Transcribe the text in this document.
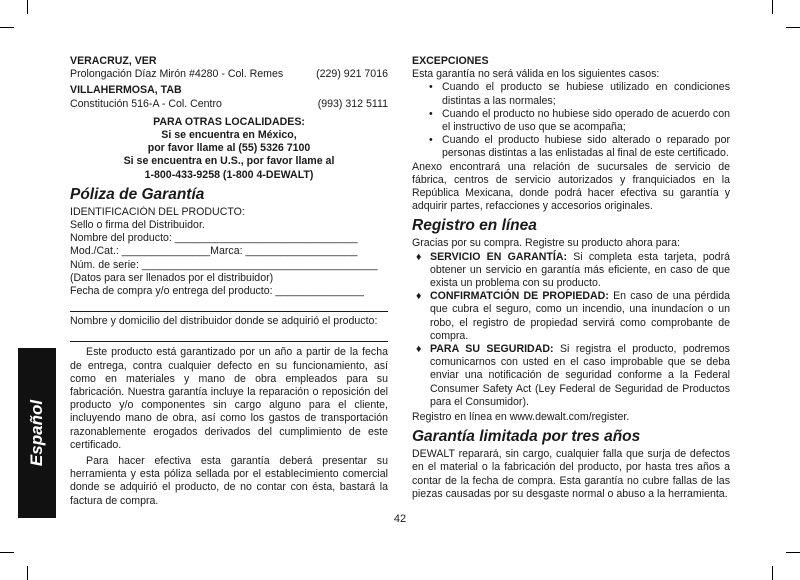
Español
VERACRUZ, VER
Prolongación Díaz Mirón #4280 - Col. Remes	(229) 921 7016
VILLAHERMOSA, TAB
Constitución 516-A - Col. Centro	(993) 312 5111
PARA OTRAS LOCALIDADES:
Si se encuentra en México,
por favor llame al (55) 5326 7100
Si se encuentra en U.S., por favor llame al
1-800-433-9258 (1-800 4-DEWALT)
Póliza de Garantía
IDENTIFICACIÓN DEL PRODUCTO:
Sello o firma del Distribuidor.
Nombre del producto: _______________________________
Mod./Cat.: _______________Marca: ___________________
Núm. de serie: ________________________________________
(Datos para ser llenados por el distribuidor)
Fecha de compra y/o entrega del producto: _______________
Nombre y domicilio del distribuidor donde se adquirió el producto:

Este producto está garantizado por un año a partir de la fecha de entrega, contra cualquier defecto en su funcionamiento, así como en materiales y mano de obra empleados para su fabricación. Nuestra garantía incluye la reparación o reposición del producto y/o componentes sin cargo alguno para el cliente, incluyendo mano de obra, así como los gastos de transportación razonablemente erogados derivados del cumplimiento de este certificado.

Para hacer efectiva esta garantía deberá presentar su herramienta y esta póliza sellada por el establecimiento comercial donde se adquirió el producto, de no contar con ésta, bastará la factura de compra.

EXCEPCIONES
Esta garantía no será válida en los siguientes casos:
• Cuando el producto se hubiese utilizado en condiciones distintas a las normales;
• Cuando el producto no hubiese sido operado de acuerdo con el instructivo de uso que se acompaña;
• Cuando el producto hubiese sido alterado o reparado por personas distintas a las enlistadas al final de este certificado.

Anexo encontrará una relación de sucursales de servicio de fábrica, centros de servicio autorizados y franquiciados en la República Mexicana, donde podrá hacer efectiva su garantía y adquirir partes, refacciones y accesorios originales.

Registro en línea
Gracias por su compra. Registre su producto ahora para:
♦ SERVICIO EN GARANTÍA: Si completa esta tarjeta, podrá obtener un servicio en garantía más eficiente, en caso de que exista un problema con su producto.
♦ CONFIRMATCIÓN DE PROPIEDAD: En caso de una pérdida que cubra el seguro, como un incendio, una inundacíon o un robo, el registro de propiedad servirá como comprobante de compra.
♦ PARA SU SEGURIDAD: Si registra el producto, podremos comunicarnos con usted en el caso improbable que se deba enviar una notificación de seguridad conforme a la Federal Consumer Safety Act (Ley Federal de Seguridad de Productos para el Consumidor).
Registro en línea en www.dewalt.com/register.
Garantía limitada por tres años

DEWALT reparará, sin cargo, cualquier falla que surja de defectos en el material o la fabricación del producto, por hasta tres años a contar de la fecha de compra. Esta garantía no cubre fallas de las piezas causadas por su desgaste normal o abuso a la herramienta.

42
